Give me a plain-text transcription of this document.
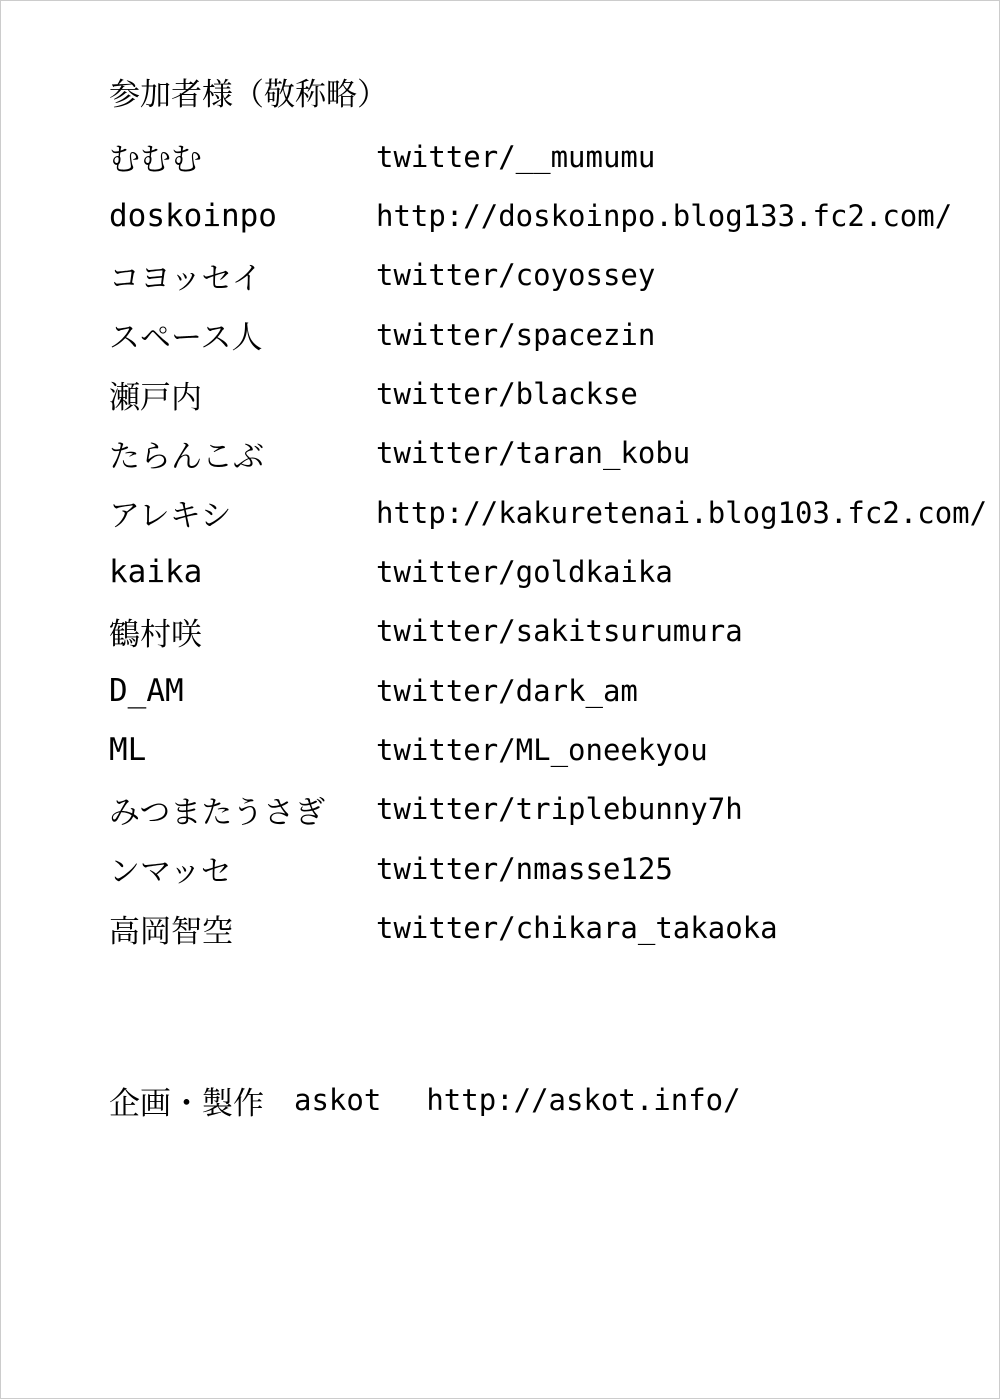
参加者様（敬称略）
むむむ	twitter/__mumumu
doskoinpo	http://doskoinpo.blog133.fc2.com/
コヨッセイ	twitter/coyossey
スペース人	twitter/spacezin
瀬戸内	twitter/blackse
たらんこぶ	twitter/taran_kobu
アレキシ	http://kakuretenai.blog103.fc2.com/
kaika	twitter/goldkaika
鶴村咲	twitter/sakitsurumura
D_AM	twitter/dark_am
ML	twitter/ML_oneekyou
みつまたうさぎ	twitter/triplebunny7h
ンマッセ	twitter/nmasse125
高岡智空	twitter/chikara_takaoka
企画・製作 askot http://askot.info/
